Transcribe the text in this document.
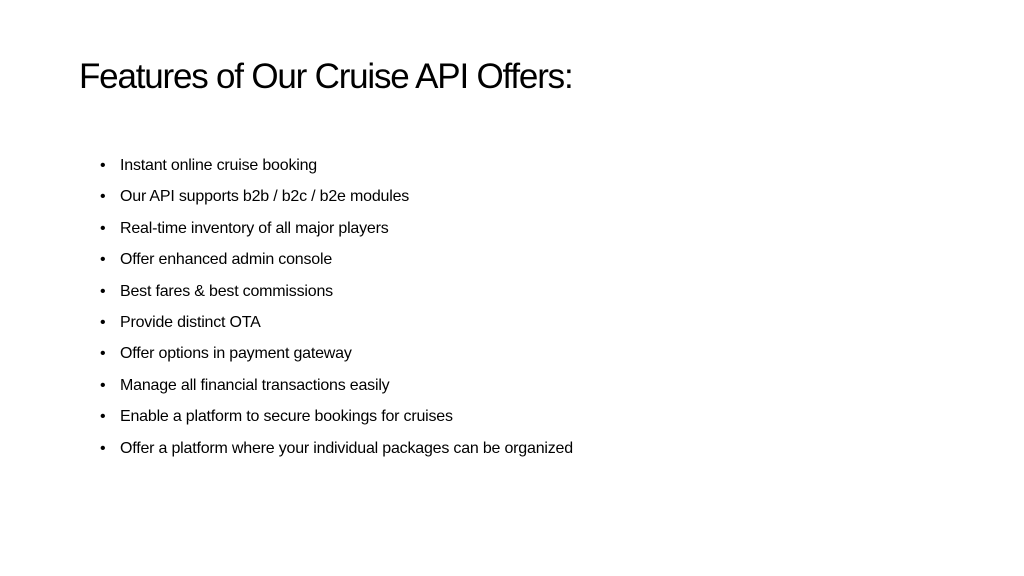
Features of Our Cruise API Offers:
• Instant online cruise booking
• Our API supports b2b / b2c / b2e modules
• Real-time inventory of all major players
• Offer enhanced admin console
• Best fares & best commissions
• Provide distinct OTA
• Offer options in payment gateway
• Manage all financial transactions easily
• Enable a platform to secure bookings for cruises
• Offer a platform where your individual packages can be organized
